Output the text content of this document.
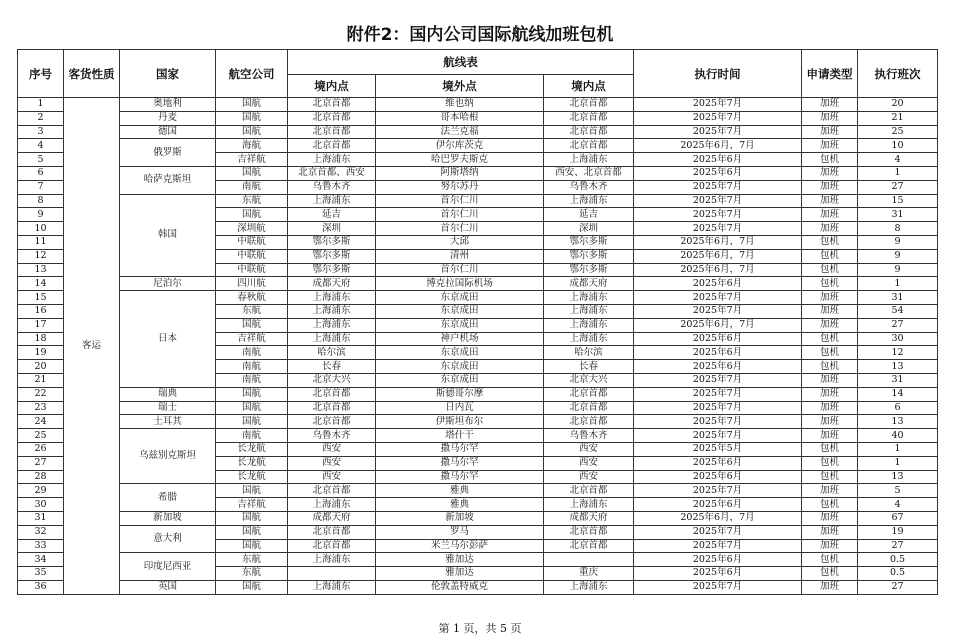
附件2：国内公司国际航线加班包机
序号	客货性质	国家	航空公司	航线表			执行时间	申请类型	执行班次
				境内点	境外点	境内点			
1	客运	奥地利	国航	北京首都	维也纳	北京首都	2025年7月	加班	20
2		丹麦	国航	北京首都	哥本哈根	北京首都	2025年7月	加班	21
3		德国	国航	北京首都	法兰克福	北京首都	2025年7月	加班	25
4		俄罗斯	海航	北京首都	伊尔库茨克	北京首都	2025年6月，7月	加班	10
5			吉祥航	上海浦东	哈巴罗夫斯克	上海浦东	2025年6月	包机	4
6		哈萨克斯坦	国航	北京首都、西安	阿斯塔纳	西安、北京首都	2025年6月	加班	1
7			南航	乌鲁木齐	努尔苏丹	乌鲁木齐	2025年7月	加班	27
8		韩国	东航	上海浦东	首尔仁川	上海浦东	2025年7月	加班	15
9			国航	延吉	首尔仁川	延吉	2025年7月	加班	31
10			深圳航	深圳	首尔仁川	深圳	2025年7月	加班	8
11			中联航	鄂尔多斯	大邱	鄂尔多斯	2025年6月，7月	包机	9
12			中联航	鄂尔多斯	清州	鄂尔多斯	2025年6月，7月	包机	9
13			中联航	鄂尔多斯	首尔仁川	鄂尔多斯	2025年6月，7月	包机	9
14		尼泊尔	四川航	成都天府	博克拉国际机场	成都天府	2025年6月	包机	1
15		日本	春秋航	上海浦东	东京成田	上海浦东	2025年7月	加班	31
16			东航	上海浦东	东京成田	上海浦东	2025年7月	加班	54
17			国航	上海浦东	东京成田	上海浦东	2025年6月，7月	加班	27
18			吉祥航	上海浦东	神户机场	上海浦东	2025年6月	包机	30
19			南航	哈尔滨	东京成田	哈尔滨	2025年6月	包机	12
20			南航	长春	东京成田	长春	2025年6月	包机	13
21			南航	北京大兴	东京成田	北京大兴	2025年7月	加班	31
22		瑞典	国航	北京首都	斯德哥尔摩	北京首都	2025年7月	加班	14
23		瑞士	国航	北京首都	日内瓦	北京首都	2025年7月	加班	6
24		土耳其	国航	北京首都	伊斯坦布尔	北京首都	2025年7月	加班	13
25		乌兹别克斯坦	南航	乌鲁木齐	塔什干	乌鲁木齐	2025年7月	加班	40
26			长龙航	西安	撒马尔罕	西安	2025年5月	包机	1
27			长龙航	西安	撒马尔罕	西安	2025年6月	包机	1
28			长龙航	西安	撒马尔罕	西安	2025年6月	包机	13
29		希腊	国航	北京首都	雅典	北京首都	2025年7月	加班	5
30			吉祥航	上海浦东	雅典	上海浦东	2025年6月	包机	4
31		新加坡	国航	成都天府	新加坡	成都天府	2025年6月，7月	加班	67
32		意大利	国航	北京首都	罗马	北京首都	2025年7月	加班	19
33			国航	北京首都	米兰马尔彭萨	北京首都	2025年7月	加班	27
34		印度尼西亚	东航	上海浦东	雅加达		2025年6月	包机	0.5
35			东航		雅加达	重庆	2025年6月	包机	0.5
36		英国	国航	上海浦东	伦敦盖特威克	上海浦东	2025年7月	加班	27
第 1 页，共 5 页
